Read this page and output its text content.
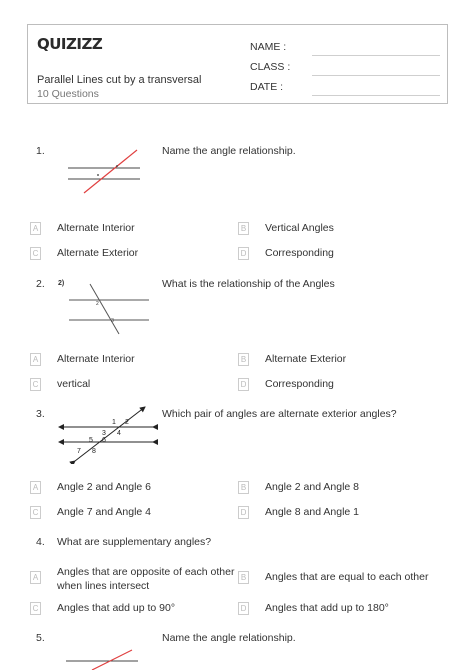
QUIZIZZ
Parallel Lines cut by a transversal
10 Questions
NAME :
CLASS :
DATE :
1.	Name the angle relationship.
A Alternate Interior	B Vertical Angles
C Alternate Exterior	D Corresponding
2. 2)
2
3
What is the relationship of the Angles
A Alternate Interior	B Alternate Exterior
C vertical	D Corresponding
3.
1 2
3 4
5 6
7 8
Which pair of angles are alternate exterior angles?
A Angle 2 and Angle 6	B Angle 2 and Angle 8
C Angle 7 and Angle 4	D Angle 8 and Angle 1
4. What are supplementary angles?
A Angles that are opposite of each other when lines intersect
B Angles that are equal to each other
C Angles that add up to 90°	D Angles that add up to 180°
5.	Name the angle relationship.
